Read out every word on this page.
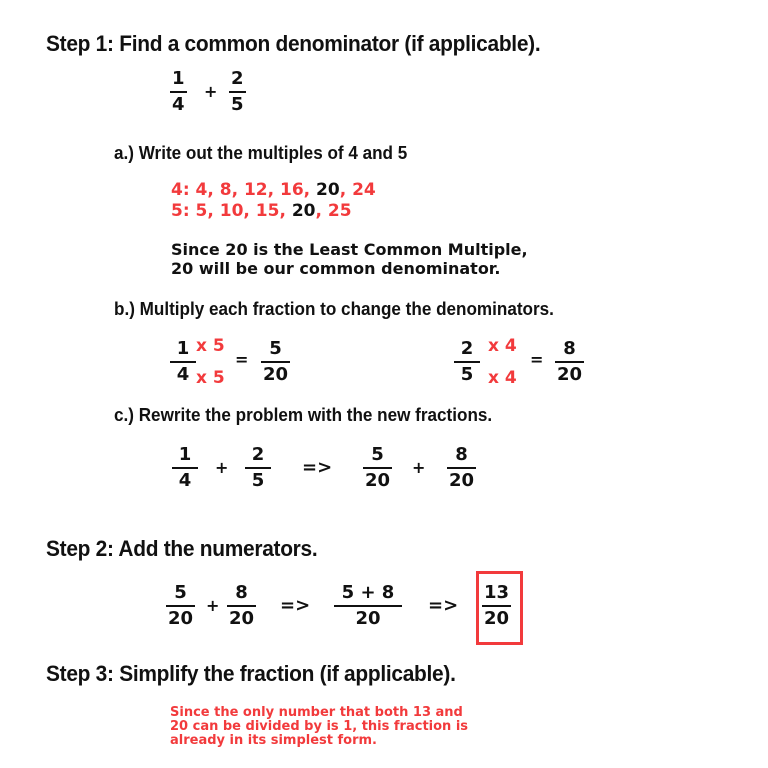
Step 1: Find a common denominator (if applicable).
1
4
+
2
5
a.) Write out the multiples of 4 and 5
4: 4, 8, 12, 16, 20, 24
5: 5, 10, 15, 20, 25
Since 20 is the Least Common Multiple,
20 will be our common denominator.
b.) Multiply each fraction to change the denominators.
1
4
x 5
x 5
=
5
20
2
5
x 4
x 4
=
8
20
c.) Rewrite the problem with the new fractions.
1
4
+
2
5
=>
5
20
+
8
20
Step 2: Add the numerators.
5
20
+
8
20
=>
5 + 8
20
=>
13
20
Step 3: Simplify the fraction (if applicable).
Since the only number that both 13 and
20 can be divided by is 1, this fraction is
already in its simplest form.
